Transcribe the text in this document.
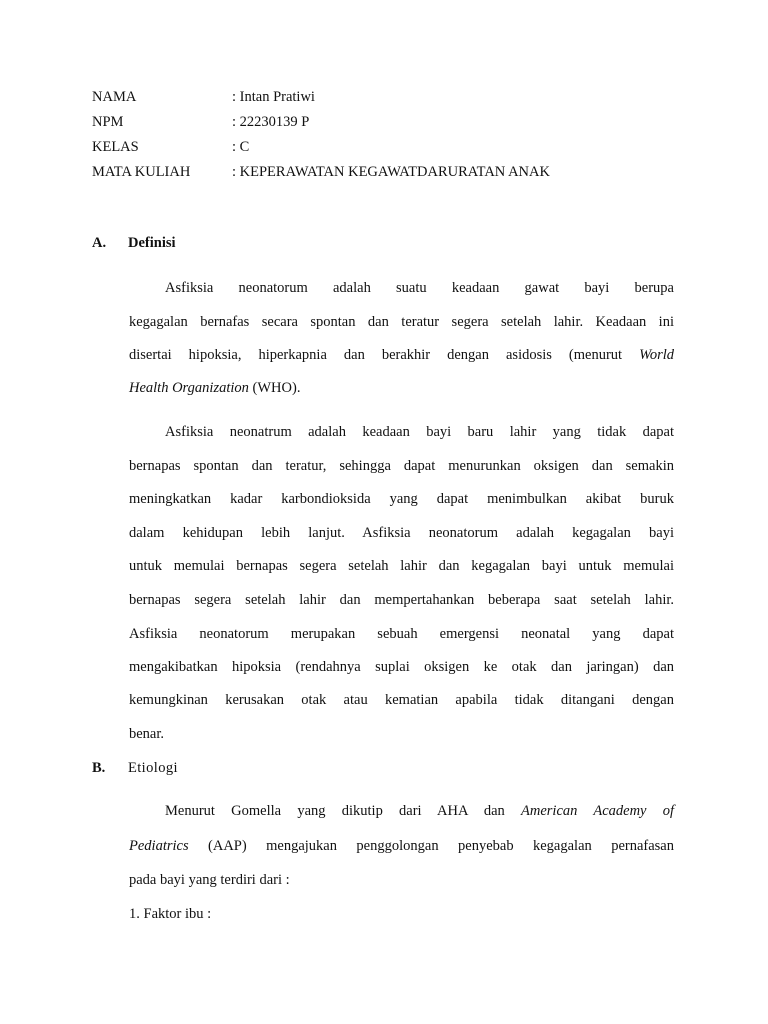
NAMA	: Intan Pratiwi
NPM	: 22230139 P
KELAS	: C
MATA KULIAH	: KEPERAWATAN KEGAWATDARURATAN ANAK
A. Definisi
Asfiksia neonatorum adalah suatu keadaan gawat bayi berupa
kegagalan bernafas secara spontan dan teratur segera setelah lahir. Keadaan ini
disertai hipoksia, hiperkapnia dan berakhir dengan asidosis (menurut World
Health Organization (WHO).
Asfiksia neonatrum adalah keadaan bayi baru lahir yang tidak dapat
bernapas spontan dan teratur, sehingga dapat menurunkan oksigen dan semakin
meningkatkan kadar karbondioksida yang dapat menimbulkan akibat buruk
dalam kehidupan lebih lanjut. Asfiksia neonatorum adalah kegagalan bayi
untuk memulai bernapas segera setelah lahir dan kegagalan bayi untuk memulai
bernapas segera setelah lahir dan mempertahankan beberapa saat setelah lahir.
Asfiksia neonatorum merupakan sebuah emergensi neonatal yang dapat
mengakibatkan hipoksia (rendahnya suplai oksigen ke otak dan jaringan) dan
kemungkinan kerusakan otak atau kematian apabila tidak ditangani dengan
benar.
B. Etiologi
Menurut Gomella yang dikutip dari AHA dan American Academy of
Pediatrics (AAP) mengajukan penggolongan penyebab kegagalan pernafasan
pada bayi yang terdiri dari :
1. Faktor ibu :
